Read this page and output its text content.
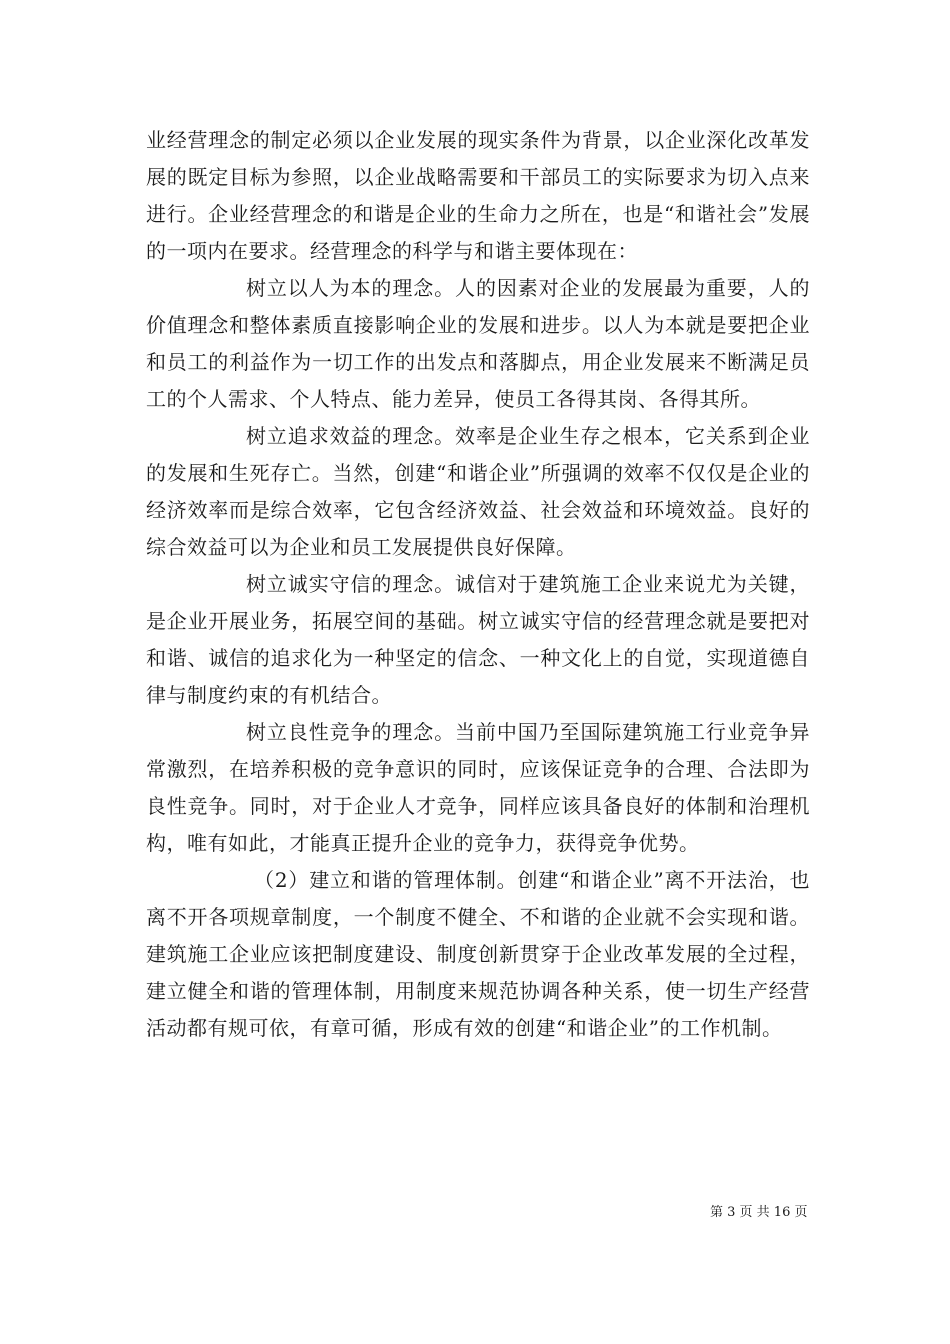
业经营理念的制定必须以企业发展的现实条件为背景，以企业深化改革发展的既定目标为参照，以企业战略需要和干部员工的实际要求为切入点来进行。企业经营理念的和谐是企业的生命力之所在，也是“和谐社会”发展的一项内在要求。经营理念的科学与和谐主要体现在：

树立以人为本的理念。人的因素对企业的发展最为重要，人的价值理念和整体素质直接影响企业的发展和进步。以人为本就是要把企业和员工的利益作为一切工作的出发点和落脚点，用企业发展来不断满足员工的个人需求、个人特点、能力差异，使员工各得其岗、各得其所。

树立追求效益的理念。效率是企业生存之根本，它关系到企业的发展和生死存亡。当然，创建“和谐企业”所强调的效率不仅仅是企业的经济效率而是综合效率，它包含经济效益、社会效益和环境效益。良好的综合效益可以为企业和员工发展提供良好保障。

树立诚实守信的理念。诚信对于建筑施工企业来说尤为关键，是企业开展业务，拓展空间的基础。树立诚实守信的经营理念就是要把对和谐、诚信的追求化为一种坚定的信念、一种文化上的自觉，实现道德自律与制度约束的有机结合。

树立良性竞争的理念。当前中国乃至国际建筑施工行业竞争异常激烈，在培养积极的竞争意识的同时，应该保证竞争的合理、合法即为良性竞争。同时，对于企业人才竞争，同样应该具备良好的体制和治理机构，唯有如此，才能真正提升企业的竞争力，获得竞争优势。

（2）建立和谐的管理体制。创建“和谐企业”离不开法治，也离不开各项规章制度，一个制度不健全、不和谐的企业就不会实现和谐。建筑施工企业应该把制度建设、制度创新贯穿于企业改革发展的全过程，建立健全和谐的管理体制，用制度来规范协调各种关系，使一切生产经营活动都有规可依，有章可循，形成有效的创建“和谐企业”的工作机制。

第 3 页 共 16 页
